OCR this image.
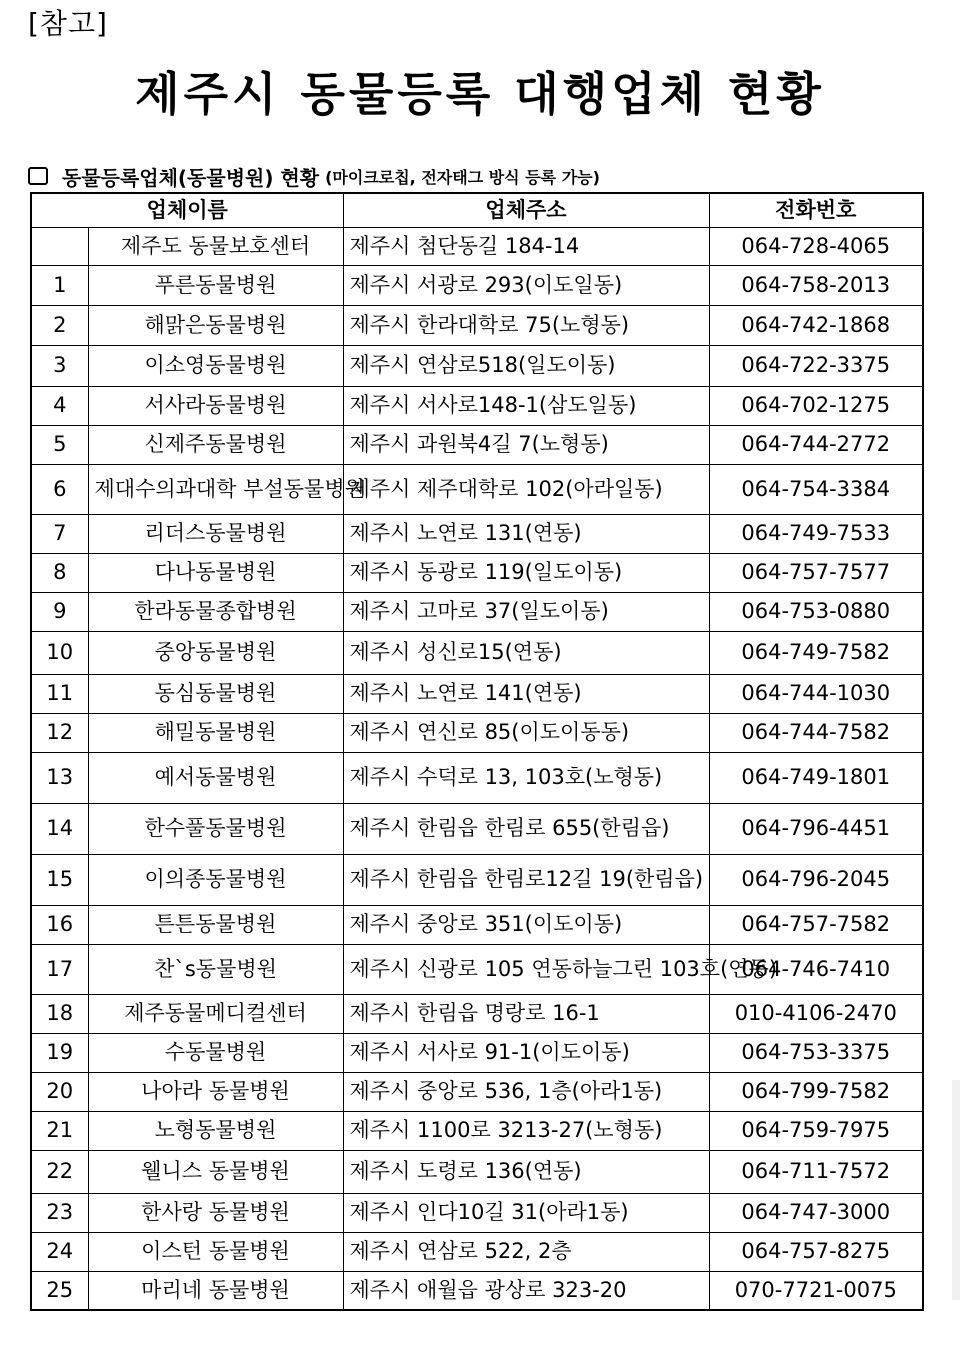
[참고]
제주시 동물등록 대행업체 현황
동물등록업체(동물병원) 현황 (마이크로칩, 전자태그 방식 등록 가능)
업체이름		업체주소	전화번호
	제주도 동물보호센터	제주시 첨단동길 184-14	064-728-4065
1	푸른동물병원	제주시 서광로 293(이도일동)	064-758-2013
2	해맑은동물병원	제주시 한라대학로 75(노형동)	064-742-1868
3	이소영동물병원	제주시 연삼로518(일도이동)	064-722-3375
4	서사라동물병원	제주시 서사로148-1(삼도일동)	064-702-1275
5	신제주동물병원	제주시 과원북4길 7(노형동)	064-744-2772
6	제대수의과대학 부설동물병원	제주시 제주대학로 102(아라일동)	064-754-3384
7	리더스동물병원	제주시 노연로 131(연동)	064-749-7533
8	다나동물병원	제주시 동광로 119(일도이동)	064-757-7577
9	한라동물종합병원	제주시 고마로 37(일도이동)	064-753-0880
10	중앙동물병원	제주시 성신로15(연동)	064-749-7582
11	동심동물병원	제주시 노연로 141(연동)	064-744-1030
12	해밀동물병원	제주시 연신로 85(이도이동동)	064-744-7582
13	예서동물병원	제주시 수덕로 13, 103호(노형동)	064-749-1801
14	한수풀동물병원	제주시 한림읍 한림로 655(한림읍)	064-796-4451
15	이의종동물병원	제주시 한림읍 한림로12길 19(한림읍)	064-796-2045
16	튼튼동물병원	제주시 중앙로 351(이도이동)	064-757-7582
17	찬`s동물병원	제주시 신광로 105 연동하늘그린 103호(연동)	064-746-7410
18	제주동물메디컬센터	제주시 한림읍 명랑로 16-1	010-4106-2470
19	수동물병원	제주시 서사로 91-1(이도이동)	064-753-3375
20	나아라 동물병원	제주시 중앙로 536, 1층(아라1동)	064-799-7582
21	노형동물병원	제주시 1100로 3213-27(노형동)	064-759-7975
22	웰니스 동물병원	제주시 도령로 136(연동)	064-711-7572
23	한사랑 동물병원	제주시 인다10길 31(아라1동)	064-747-3000
24	이스턴 동물병원	제주시 연삼로 522, 2층	064-757-8275
25	마리네 동물병원	제주시 애월읍 광상로 323-20	070-7721-0075
